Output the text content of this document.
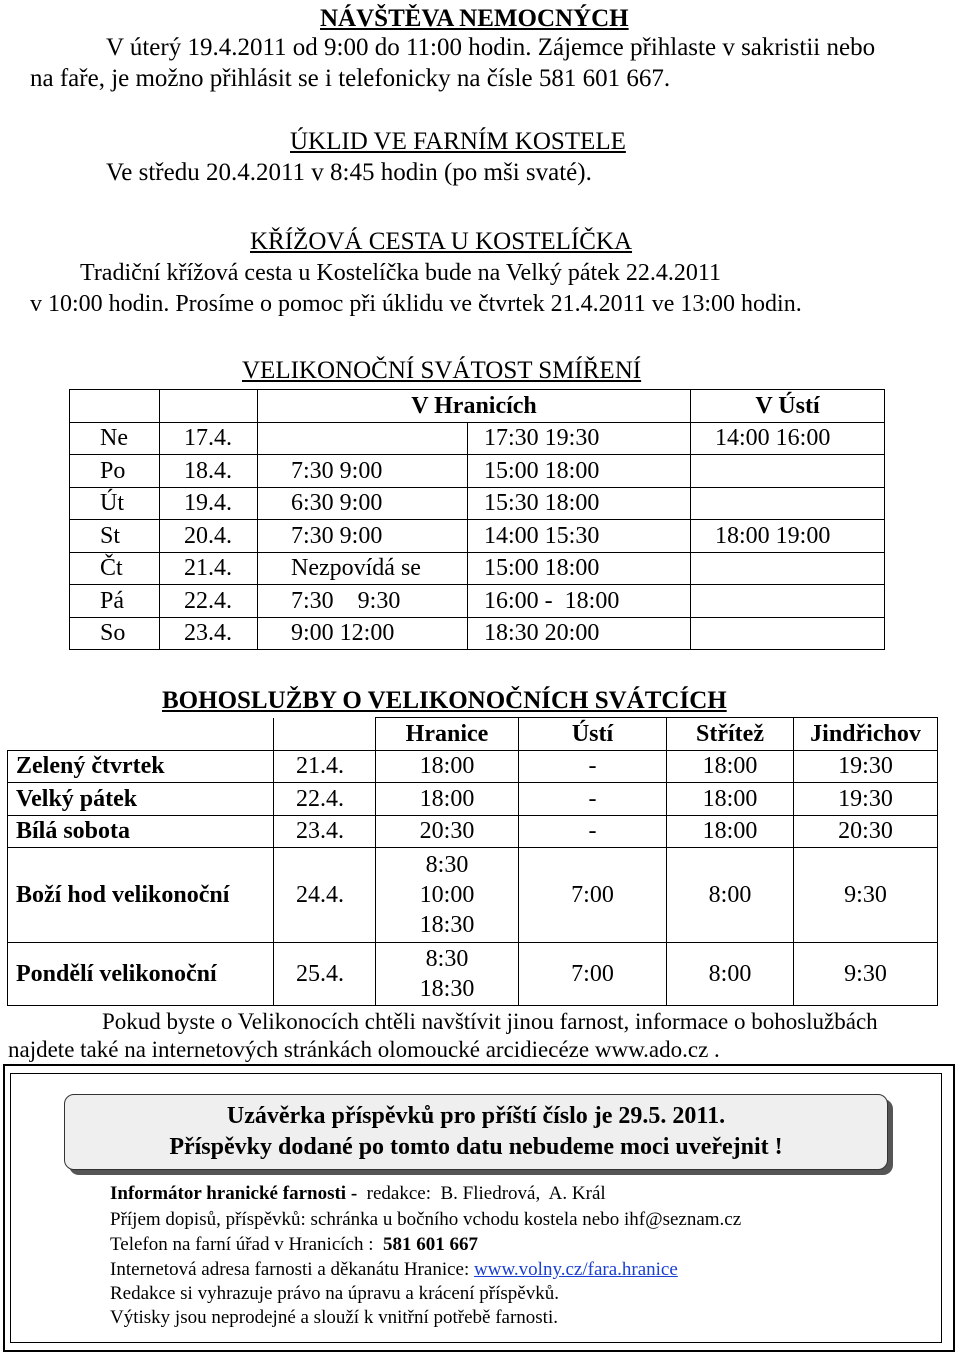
NÁVŠTĚVA NEMOCNÝCH
V úterý 19.4.2011 od 9:00 do 11:00 hodin. Zájemce přihlaste v sakristii nebo
na faře, je možno přihlásit se i telefonicky na čísle 581 601 667.
ÚKLID VE FARNÍM KOSTELE
Ve středu 20.4.2011 v 8:45 hodin (po mši svaté).
KŘÍŽOVÁ CESTA U KOSTELÍČKA
Tradiční křížová cesta u Kostelíčka bude na Velký pátek 22.4.2011
v 10:00 hodin. Prosíme o pomoc při úklidu ve čtvrtek 21.4.2011 ve 13:00 hodin.
VELIKONOČNÍ SVÁTOST SMÍŘENÍ
		V Hranicích		V Ústí
Ne	17.4.		17:30 19:30	14:00 16:00
Po	18.4.	7:30 9:00	15:00 18:00	
Út	19.4.	6:30 9:00	15:30 18:00	
St	20.4.	7:30 9:00	14:00 15:30	18:00 19:00
Čt	21.4.	Nezpovídá se	15:00 18:00	
Pá	22.4.	7:30    9:30	16:00 -  18:00	
So	23.4.	9:00 12:00	18:30 20:00	
BOHOSLUŽBY O VELIKONOČNÍCH SVÁTCÍCH
		Hranice	Ústí	Střítež	Jindřichov
Zelený čtvrtek	21.4.	18:00	-	18:00	19:30
Velký pátek	22.4.	18:00	-	18:00	19:30
Bílá sobota	23.4.	20:30	-	18:00	20:30
Boží hod velikonoční	24.4.	8:30
10:00
18:30	7:00	8:00	9:30
Pondělí velikonoční	25.4.	8:30
18:30	7:00	8:00	9:30
Pokud byste o Velikonocích chtěli navštívit jinou farnost, informace o bohoslužbách
najdete také na internetových stránkách olomoucké arcidiecéze www.ado.cz .
Uzávěrka příspěvků pro příští číslo je 29.5. 2011.
Příspěvky dodané po tomto datu nebudeme moci uveřejnit !
Informátor hranické farnosti -  redakce:  B. Fliedrová,  A. Král
Příjem dopisů, příspěvků: schránka u bočního vchodu kostela nebo ihf@seznam.cz
Telefon na farní úřad v Hranicích :  581 601 667
Internetová adresa farnosti a děkanátu Hranice: www.volny.cz/fara.hranice
Redakce si vyhrazuje právo na úpravu a krácení příspěvků.
Výtisky jsou neprodejné a slouží k vnitřní potřebě farnosti.
